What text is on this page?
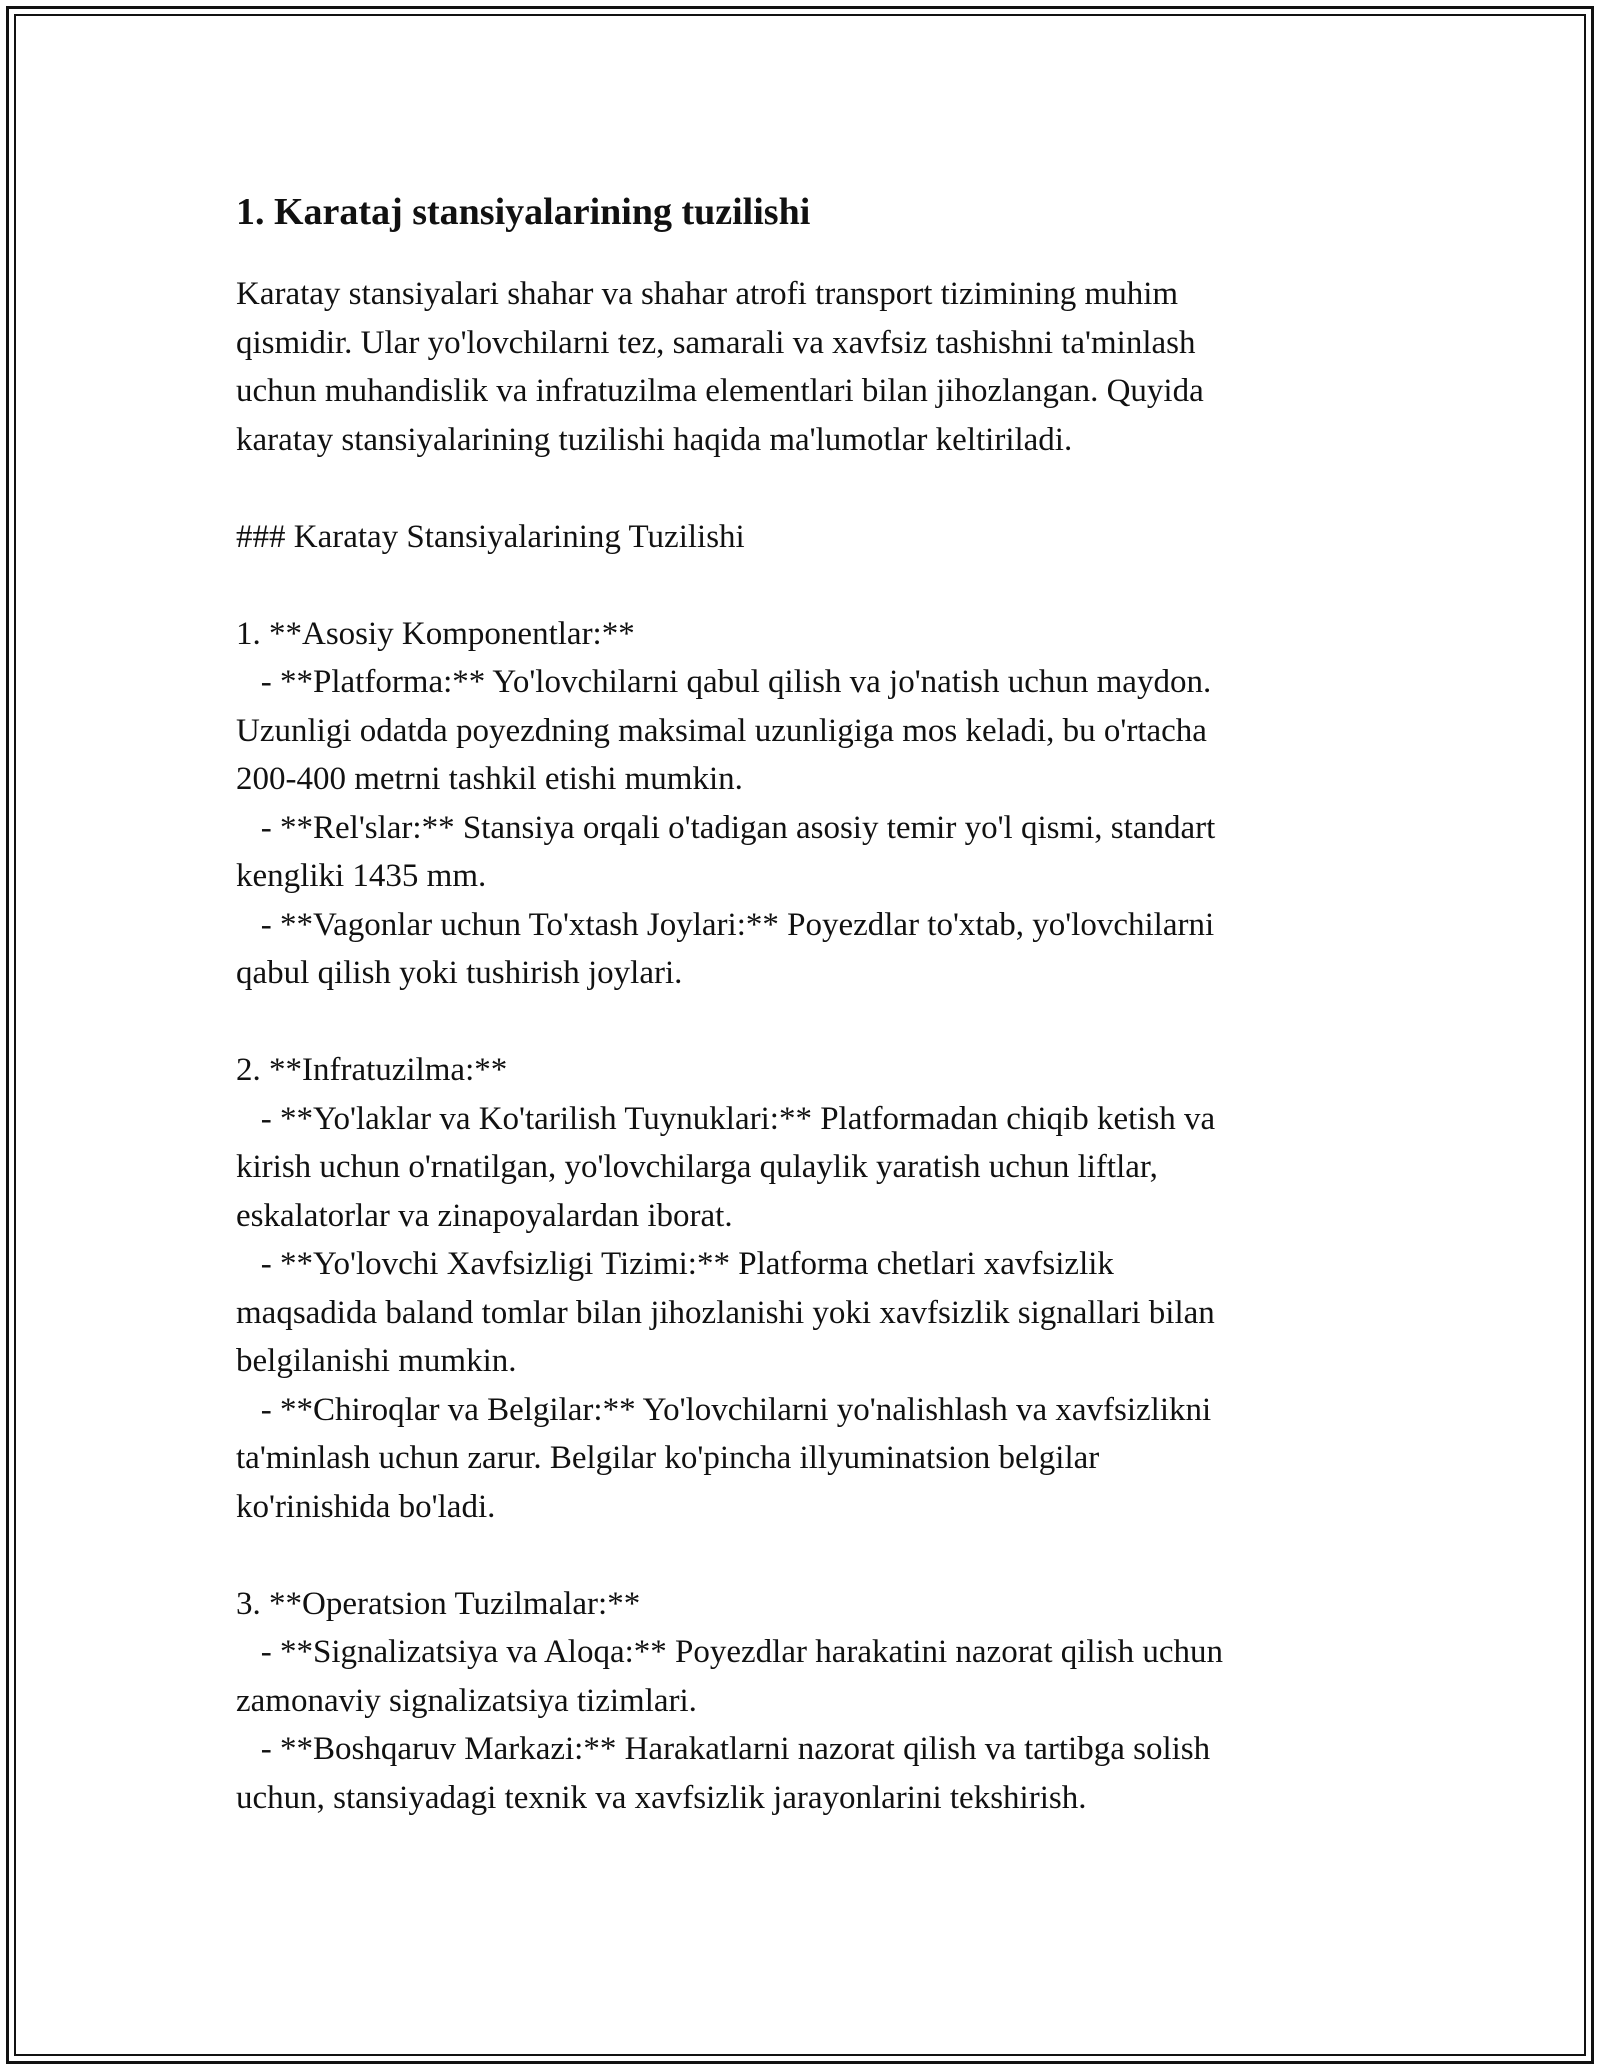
1. Karataj stansiyalarining tuzilishi
Karatay stansiyalari shahar va shahar atrofi transport tizimining muhim
qismidir. Ular yo'lovchilarni tez, samarali va xavfsiz tashishni ta'minlash
uchun muhandislik va infratuzilma elementlari bilan jihozlangan. Quyida
karatay stansiyalarining tuzilishi haqida ma'lumotlar keltiriladi.
### Karatay Stansiyalarining Tuzilishi
1. **Asosiy Komponentlar:**
- **Platforma:** Yo'lovchilarni qabul qilish va jo'natish uchun maydon.
Uzunligi odatda poyezdning maksimal uzunligiga mos keladi, bu o'rtacha
200-400 metrni tashkil etishi mumkin.
- **Rel'slar:** Stansiya orqali o'tadigan asosiy temir yo'l qismi, standart
kengliki 1435 mm.
- **Vagonlar uchun To'xtash Joylari:** Poyezdlar to'xtab, yo'lovchilarni
qabul qilish yoki tushirish joylari.
2. **Infratuzilma:**
- **Yo'laklar va Ko'tarilish Tuynuklari:** Platformadan chiqib ketish va
kirish uchun o'rnatilgan, yo'lovchilarga qulaylik yaratish uchun liftlar,
eskalatorlar va zinapoyalardan iborat.
- **Yo'lovchi Xavfsizligi Tizimi:** Platforma chetlari xavfsizlik
maqsadida baland tomlar bilan jihozlanishi yoki xavfsizlik signallari bilan
belgilanishi mumkin.
- **Chiroqlar va Belgilar:** Yo'lovchilarni yo'nalishlash va xavfsizlikni
ta'minlash uchun zarur. Belgilar ko'pincha illyuminatsion belgilar
ko'rinishida bo'ladi.
3. **Operatsion Tuzilmalar:**
- **Signalizatsiya va Aloqa:** Poyezdlar harakatini nazorat qilish uchun
zamonaviy signalizatsiya tizimlari.
- **Boshqaruv Markazi:** Harakatlarni nazorat qilish va tartibga solish
uchun, stansiyadagi texnik va xavfsizlik jarayonlarini tekshirish.
